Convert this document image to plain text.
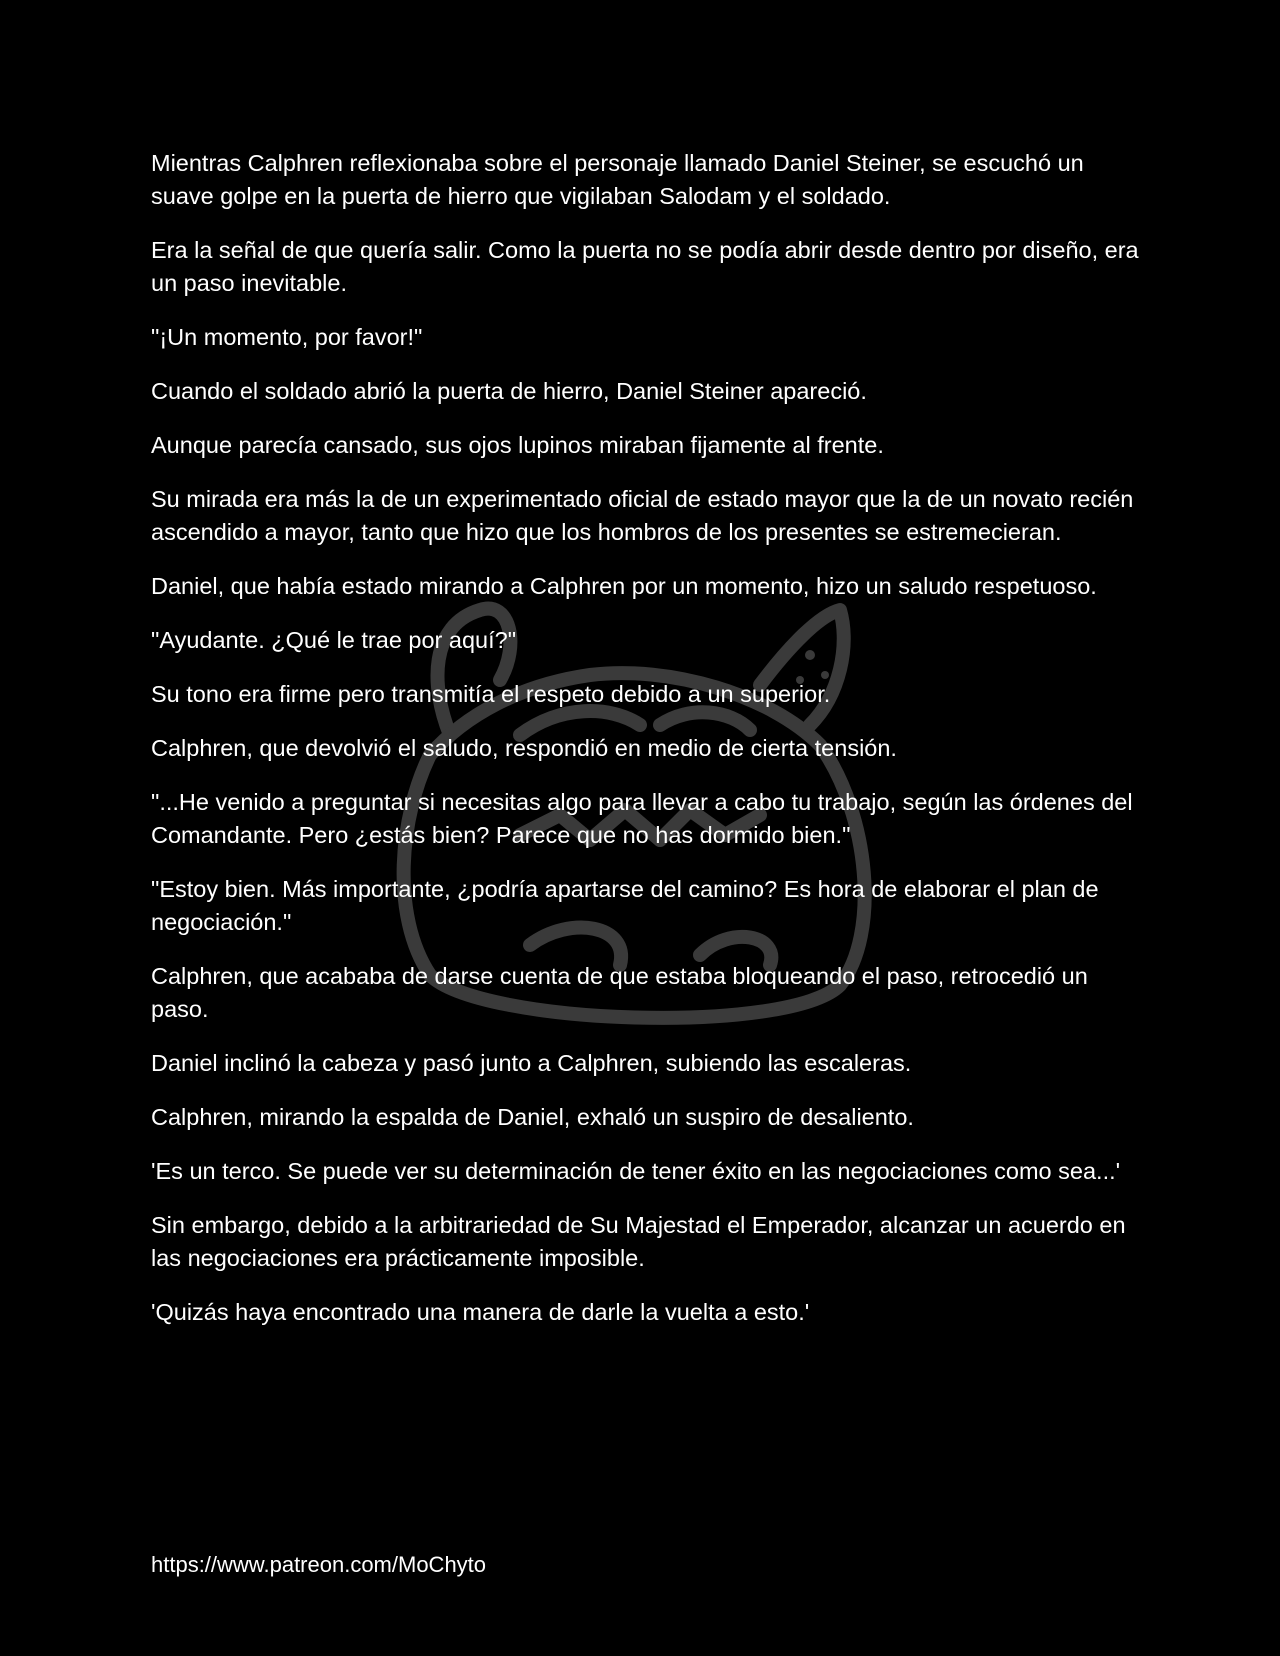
Mientras Calphren reflexionaba sobre el personaje llamado Daniel Steiner, se escuchó un suave golpe en la puerta de hierro que vigilaban Salodam y el soldado.

Era la señal de que quería salir. Como la puerta no se podía abrir desde dentro por diseño, era un paso inevitable.

"¡Un momento, por favor!"

Cuando el soldado abrió la puerta de hierro, Daniel Steiner apareció.

Aunque parecía cansado, sus ojos lupinos miraban fijamente al frente.

Su mirada era más la de un experimentado oficial de estado mayor que la de un novato recién ascendido a mayor, tanto que hizo que los hombros de los presentes se estremecieran.

Daniel, que había estado mirando a Calphren por un momento, hizo un saludo respetuoso.

"Ayudante. ¿Qué le trae por aquí?"

Su tono era firme pero transmitía el respeto debido a un superior.

Calphren, que devolvió el saludo, respondió en medio de cierta tensión.

"...He venido a preguntar si necesitas algo para llevar a cabo tu trabajo, según las órdenes del Comandante. Pero ¿estás bien? Parece que no has dormido bien."

"Estoy bien. Más importante, ¿podría apartarse del camino? Es hora de elaborar el plan de negociación."

Calphren, que acababa de darse cuenta de que estaba bloqueando el paso, retrocedió un paso.

Daniel inclinó la cabeza y pasó junto a Calphren, subiendo las escaleras.

Calphren, mirando la espalda de Daniel, exhaló un suspiro de desaliento.

'Es un terco. Se puede ver su determinación de tener éxito en las negociaciones como sea...'

Sin embargo, debido a la arbitrariedad de Su Majestad el Emperador, alcanzar un acuerdo en las negociaciones era prácticamente imposible.

'Quizás haya encontrado una manera de darle la vuelta a esto.'

https://www.patreon.com/MoChyto
